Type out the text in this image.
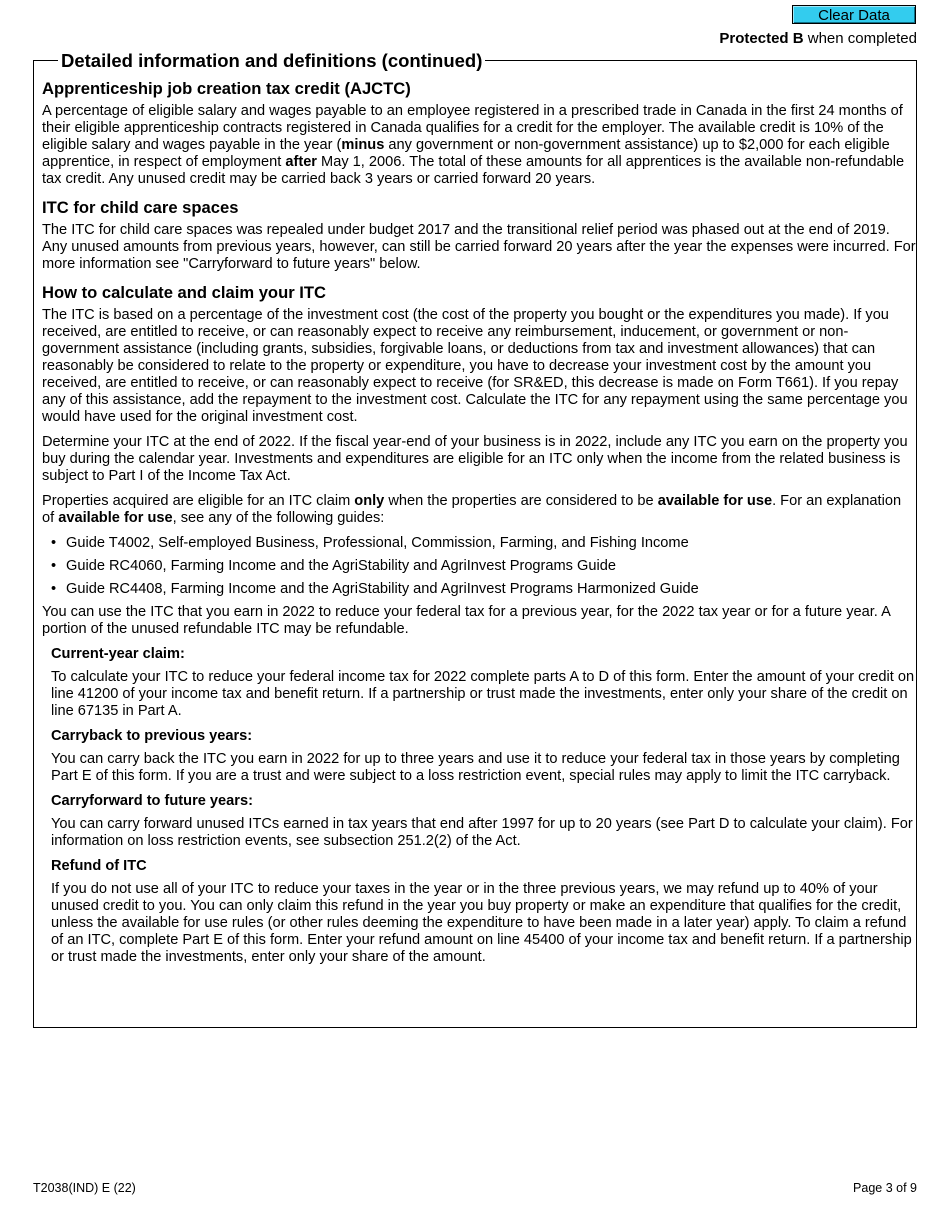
Clear Data
Protected B when completed
Detailed information and definitions (continued)
Apprenticeship job creation tax credit (AJCTC)

A percentage of eligible salary and wages payable to an employee registered in a prescribed trade in Canada in the first 24 months of their eligible apprenticeship contracts registered in Canada qualifies for a credit for the employer. The available credit is 10% of the eligible salary and wages payable in the year (minus any government or non-government assistance) up to $2,000 for each eligible apprentice, in respect of employment after May 1, 2006. The total of these amounts for all apprentices is the available non-refundable tax credit. Any unused credit may be carried back 3 years or carried forward 20 years.

ITC for child care spaces

The ITC for child care spaces was repealed under budget 2017 and the transitional relief period was phased out at the end of 2019. Any unused amounts from previous years, however, can still be carried forward 20 years after the year the expenses were incurred. For more information see "Carryforward to future years" below.

How to calculate and claim your ITC

The ITC is based on a percentage of the investment cost (the cost of the property you bought or the expenditures you made). If you received, are entitled to receive, or can reasonably expect to receive any reimbursement, inducement, or government or non-government assistance (including grants, subsidies, forgivable loans, or deductions from tax and investment allowances) that can reasonably be considered to relate to the property or expenditure, you have to decrease your investment cost by the amount you received, are entitled to receive, or can reasonably expect to receive (for SR&ED, this decrease is made on Form T661). If you repay any of this assistance, add the repayment to the investment cost. Calculate the ITC for any repayment using the same percentage you would have used for the original investment cost.

Determine your ITC at the end of 2022. If the fiscal year-end of your business is in 2022, include any ITC you earn on the property you buy during the calendar year. Investments and expenditures are eligible for an ITC only when the income from the related business is subject to Part I of the Income Tax Act.

Properties acquired are eligible for an ITC claim only when the properties are considered to be available for use. For an explanation of available for use, see any of the following guides:

• Guide T4002, Self-employed Business, Professional, Commission, Farming, and Fishing Income
• Guide RC4060, Farming Income and the AgriStability and AgriInvest Programs Guide
• Guide RC4408, Farming Income and the AgriStability and AgriInvest Programs Harmonized Guide

You can use the ITC that you earn in 2022 to reduce your federal tax for a previous year, for the 2022 tax year or for a future year. A portion of the unused refundable ITC may be refundable.

Current-year claim:

To calculate your ITC to reduce your federal income tax for 2022 complete parts A to D of this form. Enter the amount of your credit on line 41200 of your income tax and benefit return. If a partnership or trust made the investments, enter only your share of the credit on line 67135 in Part A.

Carryback to previous years:

You can carry back the ITC you earn in 2022 for up to three years and use it to reduce your federal tax in those years by completing Part E of this form. If you are a trust and were subject to a loss restriction event, special rules may apply to limit the ITC carryback.

Carryforward to future years:

You can carry forward unused ITCs earned in tax years that end after 1997 for up to 20 years (see Part D to calculate your claim). For information on loss restriction events, see subsection 251.2(2) of the Act.

Refund of ITC

If you do not use all of your ITC to reduce your taxes in the year or in the three previous years, we may refund up to 40% of your unused credit to you. You can only claim this refund in the year you buy property or make an expenditure that qualifies for the credit, unless the available for use rules (or other rules deeming the expenditure to have been made in a later year) apply. To claim a refund of an ITC, complete Part E of this form. Enter your refund amount on line 45400 of your income tax and benefit return. If a partnership or trust made the investments, enter only your share of the amount.

T2038(IND) E (22)	Page 3 of 9
